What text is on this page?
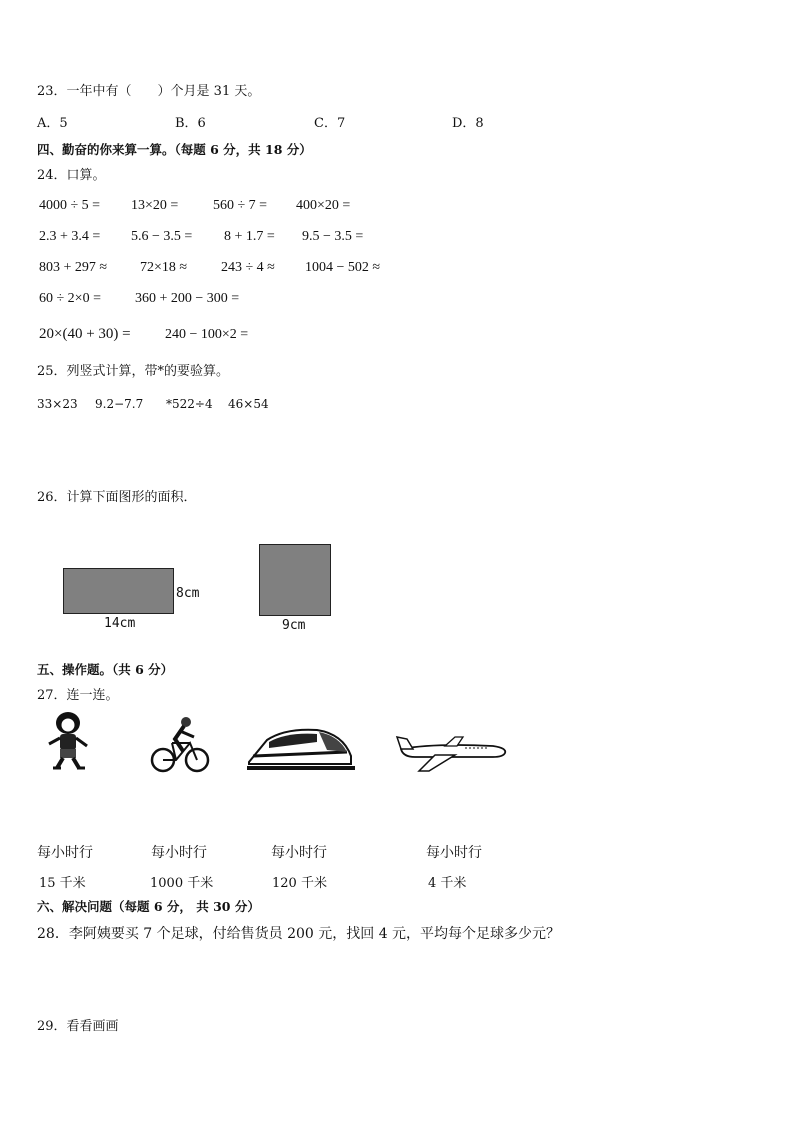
23．一年中有（　　）个月是 31 天。
A．5	B．6	C．7	D．8
四、勤奋的你来算一算。（每题 6 分，共 18 分）
24．口算。
4000 ÷ 5 = 13×20 = 560 ÷ 7 = 400×20 =
2.3 + 3.4 = 5.6 − 3.5 = 8 + 1.7 = 9.5 − 3.5 =
803 + 297 ≈ 72×18 ≈ 243 ÷ 4 ≈ 1004 − 502 ≈
60 ÷ 2×0 = 360 + 200 − 300 =
20×(40 + 30) = 240 − 100×2 =
25．列竖式计算，带*的要验算。
33×23 9.2−7.7 *522÷4 46×54
26．计算下面图形的面积．
8cm
14cm	9cm
五、操作题。（共 6 分）
27．连一连。
每小时行	每小时行	每小时行	每小时行
15 千米	1000 千米	120 千米	4 千米
六、解决问题（每题 6 分， 共 30 分）
28．李阿姨要买 7 个足球，付给售货员 200 元，找回 4 元，平均每个足球多少元？
29．看看画画
